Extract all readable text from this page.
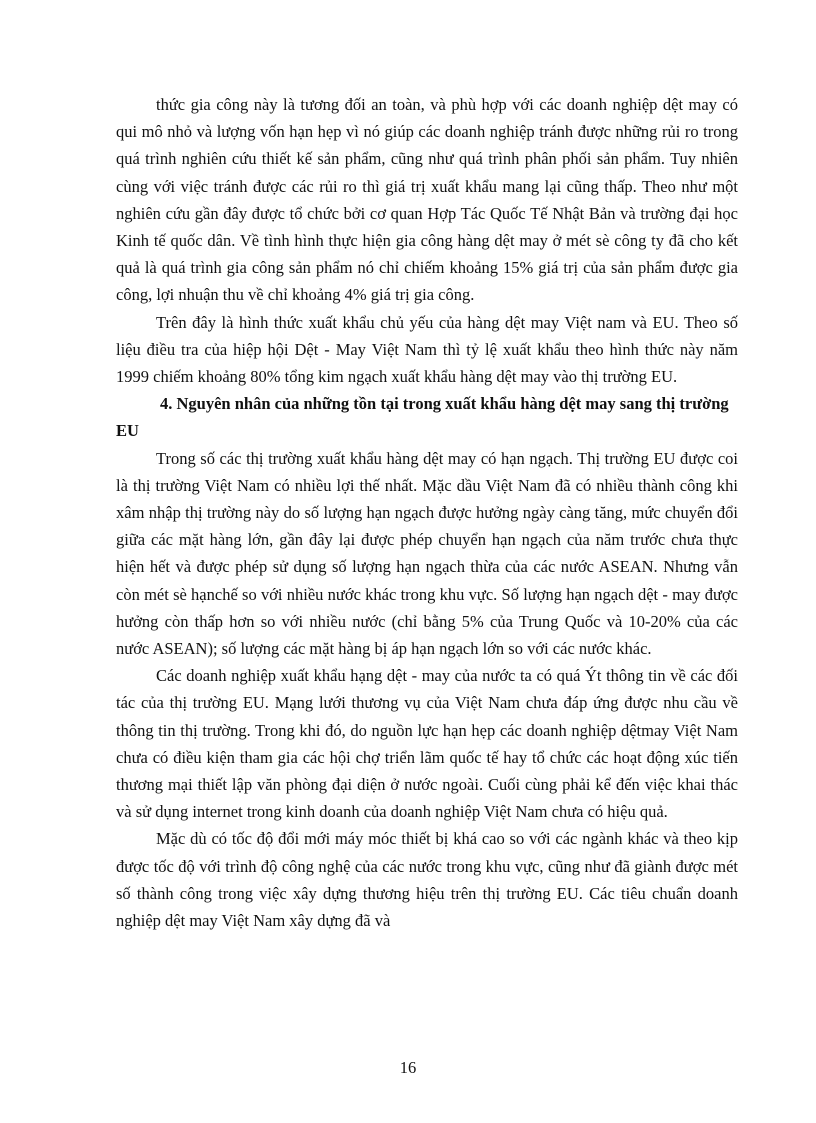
thức gia công này là tương đối an toàn, và phù hợp với các doanh nghiệp dệt may có qui mô nhỏ và lượng vốn hạn hẹp vì nó giúp các doanh nghiệp tránh được những rủi ro trong quá trình nghiên cứu thiết kế sản phẩm, cũng như quá trình phân phối sản phẩm. Tuy nhiên cùng với việc tránh được các rủi ro thì giá trị xuất khẩu mang lại cũng thấp. Theo như một nghiên cứu gần đây được tổ chức bởi cơ quan Hợp Tác Quốc Tế Nhật Bản và trường đại học Kinh tế quốc dân. Về tình hình thực hiện gia công hàng dệt may ở mét sè công ty đã cho kết quả là quá trình gia công sản phẩm nó chỉ chiếm khoảng 15% giá trị của sản phẩm được gia công, lợi nhuận thu về chỉ khoảng 4% giá trị gia công.

Trên đây là hình thức xuất khẩu chủ yếu của hàng dệt may Việt nam và EU. Theo số liệu điều tra của hiệp hội Dệt - May Việt Nam thì tỷ lệ xuất khẩu theo hình thức này năm 1999 chiếm khoảng 80% tổng kim ngạch xuất khẩu hàng dệt may vào thị trường EU.

4. Nguyên nhân của những tồn tại trong xuất khẩu hàng dệt may sang thị trường EU

Trong số các thị trường xuất khẩu hàng dệt may có hạn ngạch. Thị trường EU được coi là thị trường Việt Nam có nhiều lợi thế nhất. Mặc dầu Việt Nam đã có nhiều thành công khi xâm nhập thị trường này do số lượng hạn ngạch được hưởng ngày càng tăng, mức chuyển đổi giữa các mặt hàng lớn, gần đây lại được phép chuyển hạn ngạch của năm trước chưa thực hiện hết và được phép sử dụng số lượng hạn ngạch thừa của các nước ASEAN. Nhưng vẫn còn mét sè hạnchế so với nhiều nước khác trong khu vực. Số lượng hạn ngạch dệt - may được hưởng còn thấp hơn so với nhiều nước (chỉ bằng 5% của Trung Quốc và 10-20% của các nước ASEAN); số lượng các mặt hàng bị áp hạn ngạch lớn so với các nước khác.

Các doanh nghiệp xuất khẩu hạng dệt - may của nước ta có quá Ýt thông tin về các đối tác của thị trường EU. Mạng lưới thương vụ của Việt Nam chưa đáp ứng được nhu cầu về thông tin thị trường. Trong khi đó, do nguồn lực hạn hẹp các doanh nghiệp dệtmay Việt Nam chưa có điều kiện tham gia các hội chợ triển lãm quốc tế hay tổ chức các hoạt động xúc tiến thương mại thiết lập văn phòng đại diện ở nước ngoài. Cuối cùng phải kể đến việc khai thác và sử dụng internet trong kinh doanh của doanh nghiệp Việt Nam chưa có hiệu quả.

Mặc dù có tốc độ đổi mới máy móc thiết bị khá cao so với các ngành khác và theo kịp được tốc độ với trình độ công nghệ của các nước trong khu vực, cũng như đã giành được mét số thành công trong việc xây dựng thương hiệu trên thị trường EU. Các tiêu chuẩn doanh nghiệp dệt may Việt Nam xây dựng đã và

16
